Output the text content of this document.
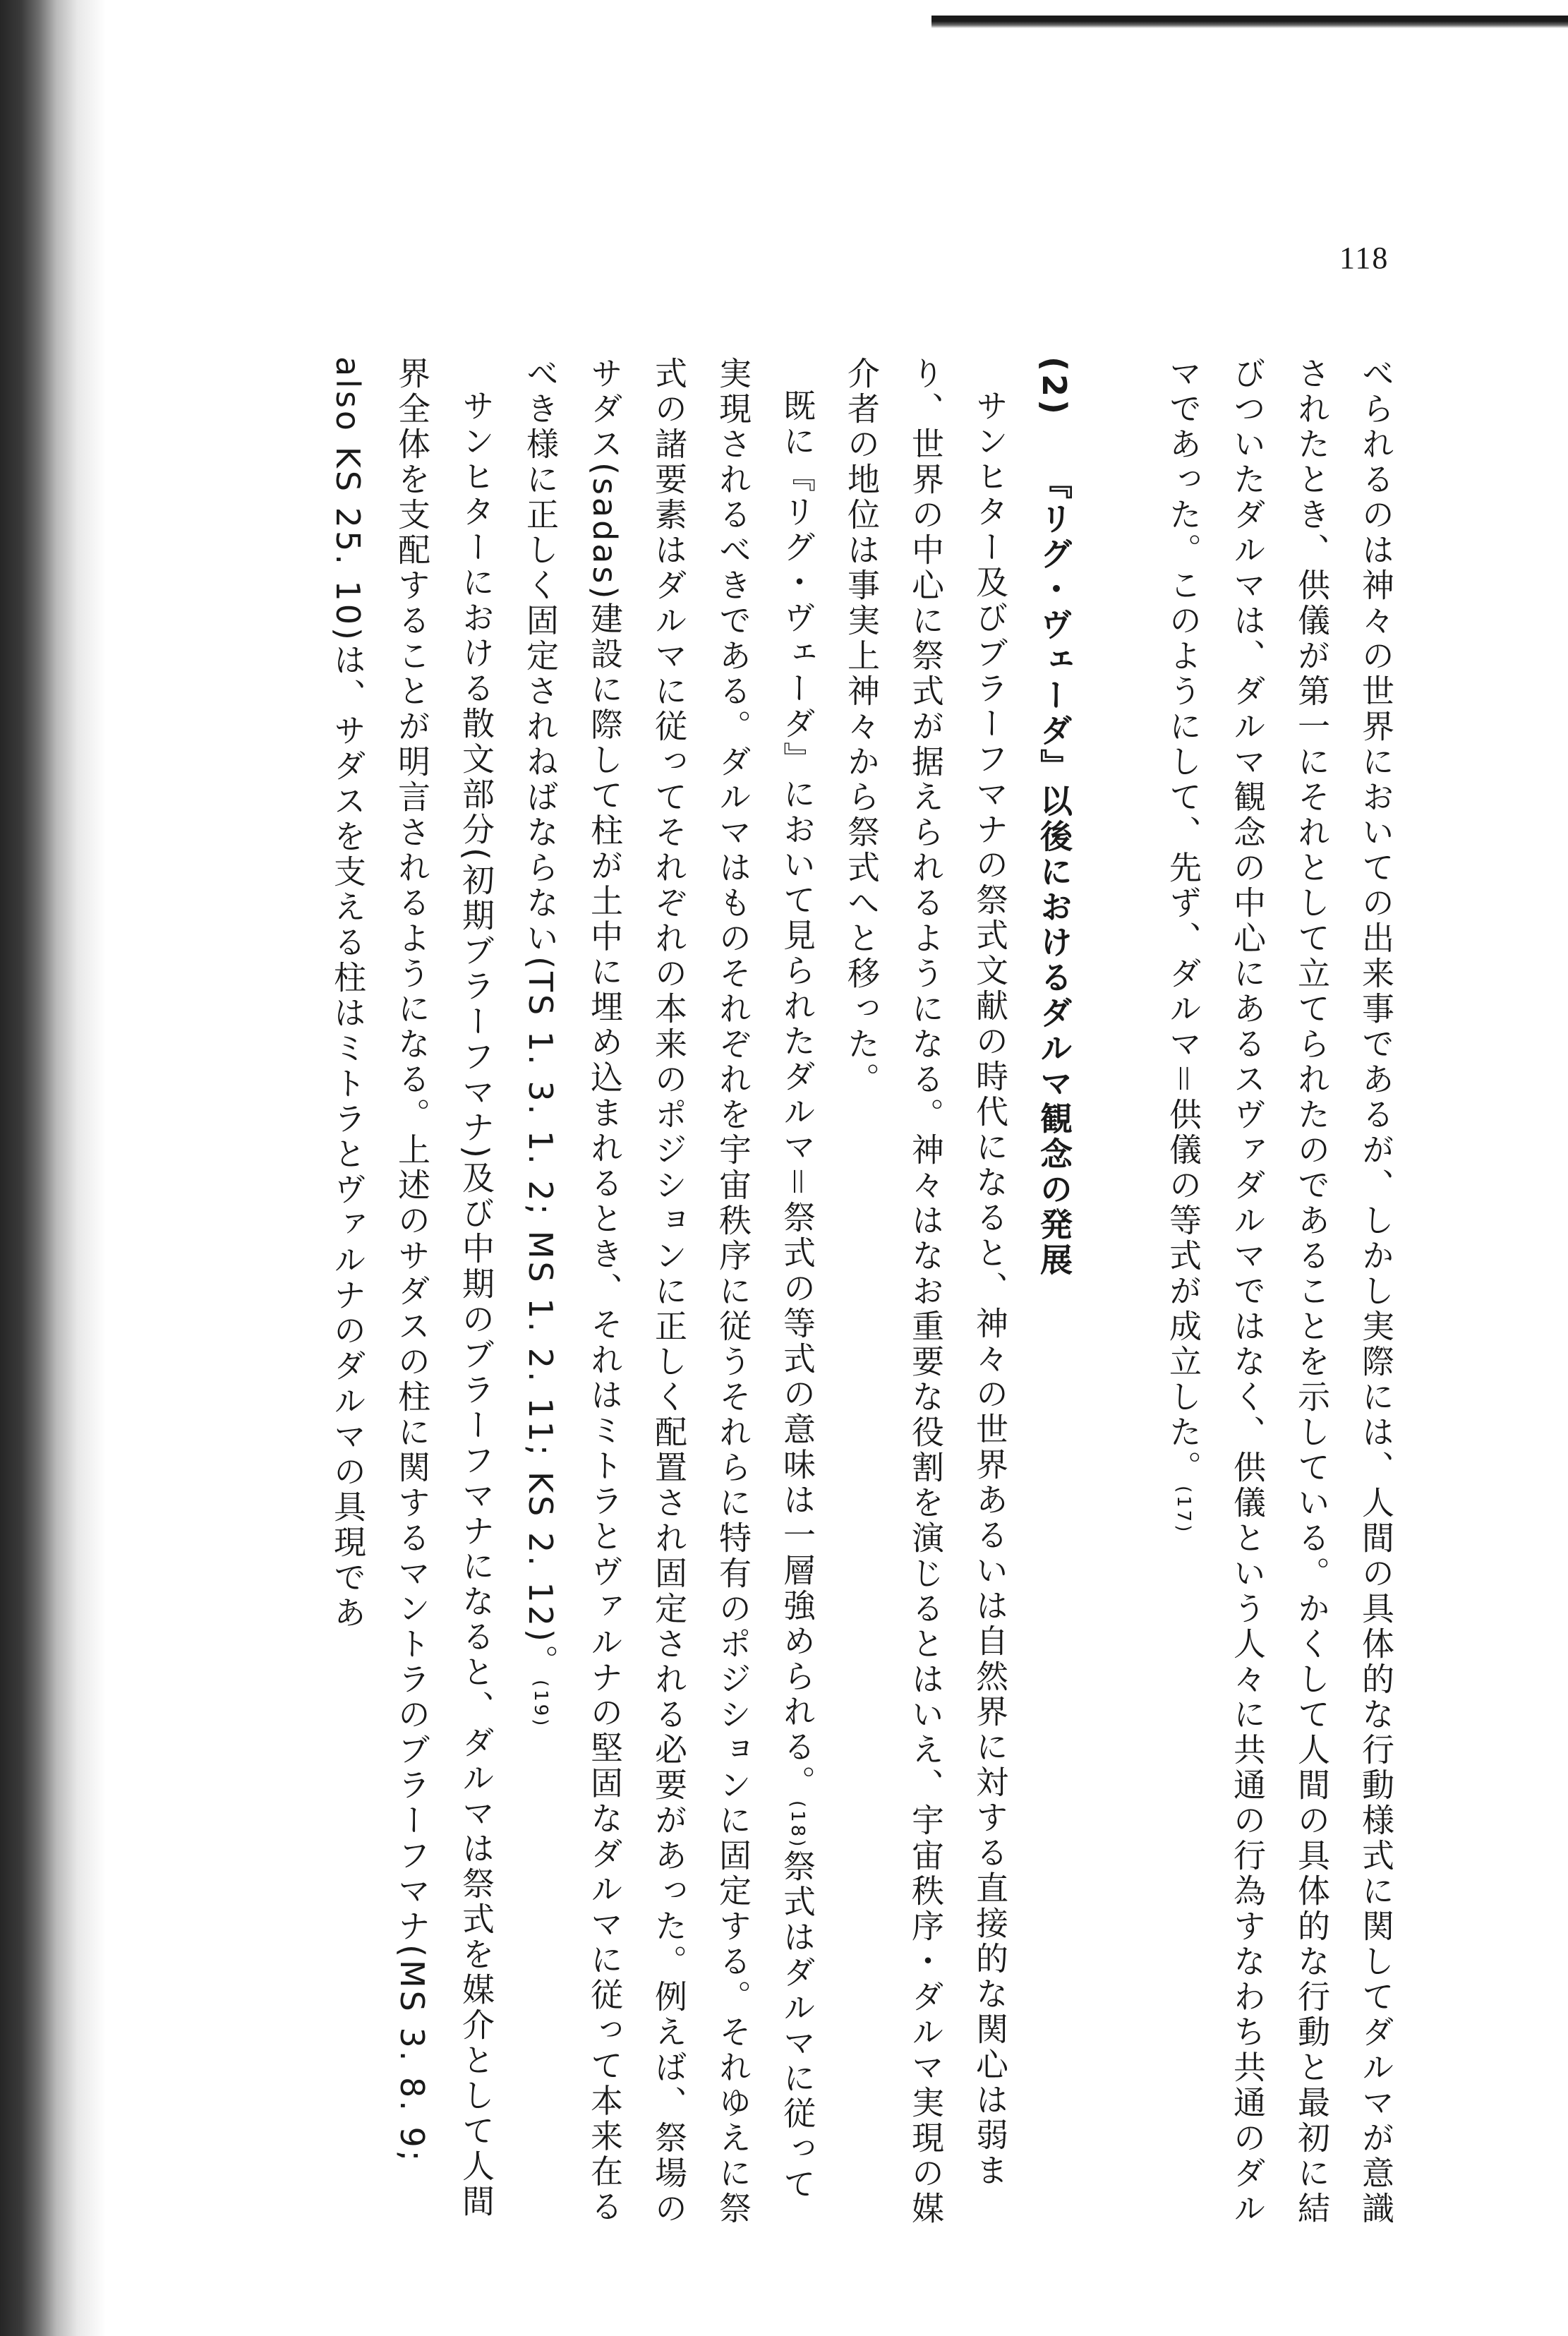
118

べられるのは神々の世界においての出来事であるが、しかし実際には、人間の具体的な行動様式に関してダルマが意識されたとき、供儀が第一にそれとして立てられたのであることを示している。かくして人間の具体的な行動と最初に結びついたダルマは、ダルマ観念の中心にあるスヴァダルマではなく、供儀という人々に共通の行為すなわち共通のダルマであった。このようにして、先ず、ダルマ＝供儀の等式が成立した。(17)

(2)『リグ・ヴェーダ』以後におけるダルマ観念の発展

サンヒター及びブラーフマナの祭式文献の時代になると、神々の世界あるいは自然界に対する直接的な関心は弱まり、世界の中心に祭式が据えられるようになる。神々はなお重要な役割を演じるとはいえ、宇宙秩序・ダルマ実現の媒介者の地位は事実上神々から祭式へと移った。

既に『リグ・ヴェーダ』において見られたダルマ＝祭式の等式の意味は一層強められる。(18)祭式はダルマに従って実現されるべきである。ダルマはものそれぞれを宇宙秩序に従うそれらに特有のポジションに固定する。それゆえに祭式の諸要素はダルマに従ってそれぞれの本来のポジションに正しく配置され固定される必要があった。例えば、祭場のサダス(sadas)建設に際して柱が土中に埋め込まれるとき、それはミトラとヴァルナの堅固なダルマに従って本来在るべき様に正しく固定されねばならない(TS 1. 3. 1. 2; MS 1. 2. 11; KS 2. 12)。(19)

サンヒターにおける散文部分(初期ブラーフマナ)及び中期のブラーフマナになると、ダルマは祭式を媒介として人間界全体を支配することが明言されるようになる。上述のサダスの柱に関するマントラのブラーフマナ(MS 3. 8. 9; also KS 25. 10)は、サダスを支える柱はミトラとヴァルナのダルマの具現であ
